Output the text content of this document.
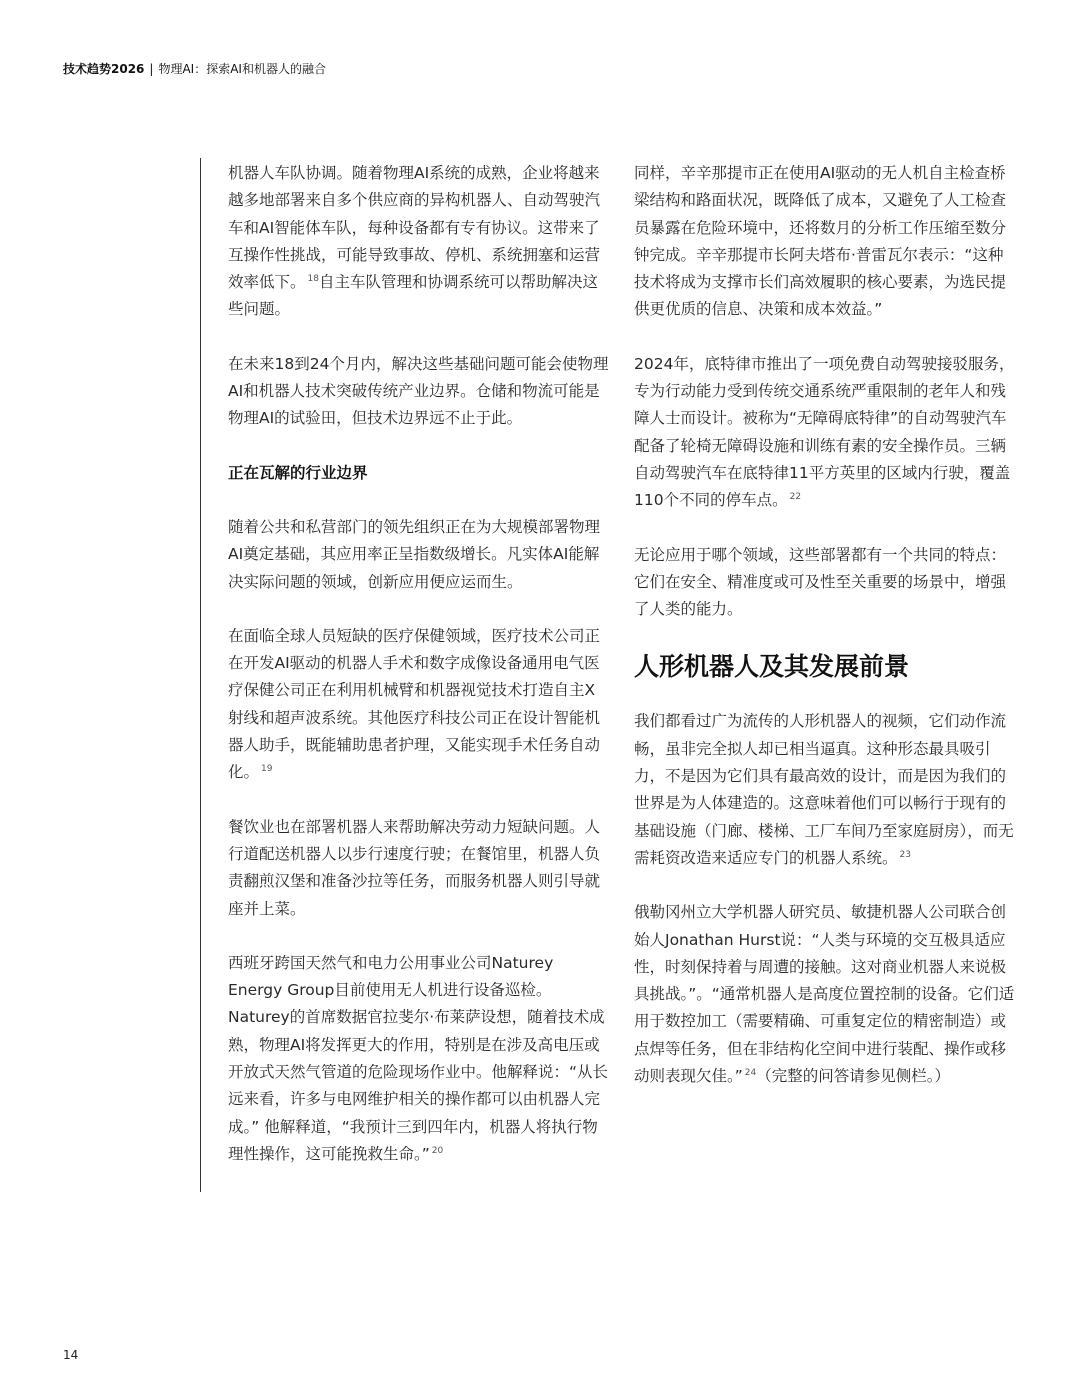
技术趋势2026 | 物理AI：探索AI和机器人的融合

机器人车队协调。随着物理AI系统的成熟，企业将越来越多地部署来自多个供应商的异构机器人、自动驾驶汽车和AI智能体车队，每种设备都有专有协议。这带来了互操作性挑战，可能导致事故、停机、系统拥塞和运营效率低下。 $^{18}$自主车队管理和协调系统可以帮助解决这些问题。

在未来18到24个月内，解决这些基础问题可能会使物理AI和机器人技术突破传统产业边界。仓储和物流可能是物理AI的试验田，但技术边界远不止于此。

正在瓦解的行业边界

随着公共和私营部门的领先组织正在为大规模部署物理AI奠定基础，其应用率正呈指数级增长。凡实体AI能解决实际问题的领域，创新应用便应运而生。

在面临全球人员短缺的医疗保健领域，医疗技术公司正在开发AI驱动的机器人手术和数字成像设备通用电气医疗保健公司正在利用机械臂和机器视觉技术打造自主X射线和超声波系统。其他医疗科技公司正在设计智能机器人助手，既能辅助患者护理，又能实现手术任务自动化。 $^{19}$

餐饮业也在部署机器人来帮助解决劳动力短缺问题。人行道配送机器人以步行速度行驶；在餐馆里，机器人负责翻煎汉堡和准备沙拉等任务，而服务机器人则引导就座并上菜。

西班牙跨国天然气和电力公用事业公司Naturey Energy Group目前使用无人机进行设备巡检。Naturey的首席数据官拉斐尔·布莱萨设想，随着技术成熟，物理AI将发挥更大的作用，特别是在涉及高电压或开放式天然气管道的危险现场作业中。他解释说：“从长远来看，许多与电网维护相关的操作都可以由机器人完成。” 他解释道，“我预计三到四年内，机器人将执行物理性操作，这可能挽救生命。” $^{20}$

同样，辛辛那提市正在使用AI驱动的无人机自主检查桥梁结构和路面状况，既降低了成本，又避免了人工检查员暴露在危险环境中，还将数月的分析工作压缩至数分钟完成。辛辛那提市长阿夫塔布·普雷瓦尔表示：“这种技术将成为支撑市长们高效履职的核心要素，为选民提供更优质的信息、决策和成本效益。”

2024年，底特律市推出了一项免费自动驾驶接驳服务，专为行动能力受到传统交通系统严重限制的老年人和残障人士而设计。被称为“无障碍底特律”的自动驾驶汽车配备了轮椅无障碍设施和训练有素的安全操作员。三辆自动驾驶汽车在底特律11平方英里的区域内行驶，覆盖110个不同的停车点。 $^{22}$

无论应用于哪个领域，这些部署都有一个共同的特点：它们在安全、精准度或可及性至关重要的场景中，增强了人类的能力。

人形机器人及其发展前景

我们都看过广为流传的人形机器人的视频，它们动作流畅，虽非完全拟人却已相当逼真。这种形态最具吸引力，不是因为它们具有最高效的设计，而是因为我们的世界是为人体建造的。这意味着他们可以畅行于现有的基础设施（门廊、楼梯、工厂车间乃至家庭厨房），而无需耗资改造来适应专门的机器人系统。 $^{23}$

俄勒冈州立大学机器人研究员、敏捷机器人公司联合创始人Jonathan Hurst说：“人类与环境的交互极具适应性，时刻保持着与周遭的接触。这对商业机器人来说极具挑战。”。“通常机器人是高度位置控制的设备。它们适用于数控加工（需要精确、可重复定位的精密制造）或点焊等任务，但在非结构化空间中进行装配、操作或移动则表现欠佳。” $^{24}$（完整的问答请参见侧栏。）

14
